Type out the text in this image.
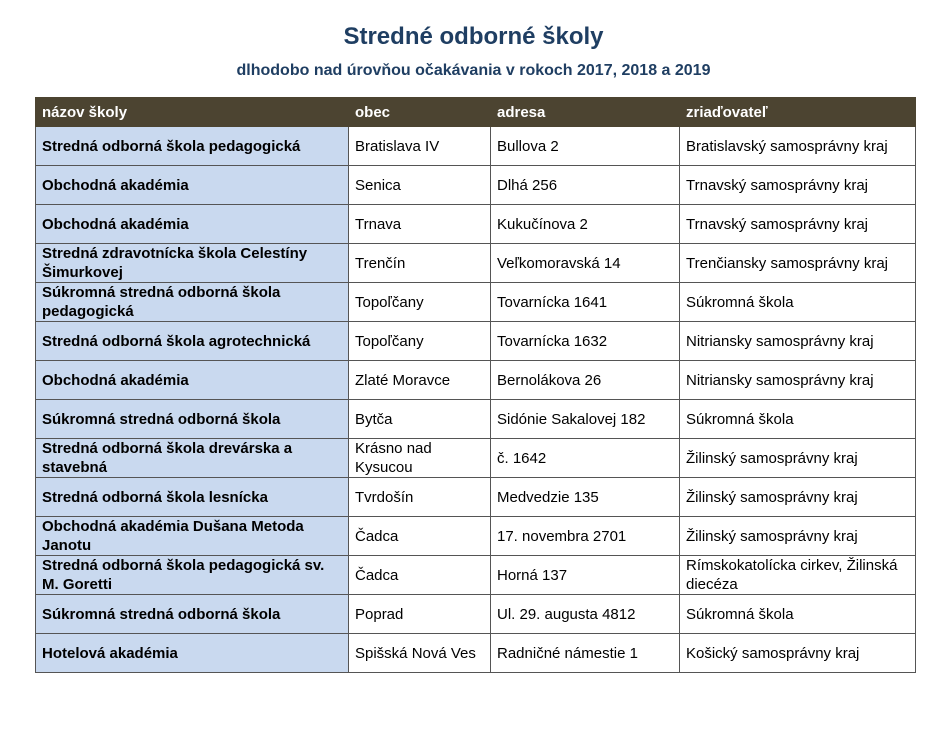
Stredné odborné školy
dlhodobo nad úrovňou očakávania v rokoch 2017, 2018 a 2019
názov školy	obec	adresa	zriaďovateľ
Stredná odborná škola pedagogická	Bratislava IV	Bullova 2	Bratislavský samosprávny kraj
Obchodná akadémia	Senica	Dlhá 256	Trnavský samosprávny kraj
Obchodná akadémia	Trnava	Kukučínova 2	Trnavský samosprávny kraj
Stredná zdravotnícka škola Celestíny Šimurkovej	Trenčín	Veľkomoravská 14	Trenčiansky samosprávny kraj
Súkromná stredná odborná škola pedagogická	Topoľčany	Tovarnícka 1641	Súkromná škola
Stredná odborná škola agrotechnická	Topoľčany	Tovarnícka 1632	Nitriansky samosprávny kraj
Obchodná akadémia	Zlaté Moravce	Bernolákova 26	Nitriansky samosprávny kraj
Súkromná stredná odborná škola	Bytča	Sidónie Sakalovej 182	Súkromná škola
Stredná odborná škola drevárska a stavebná	Krásno nad Kysucou	č. 1642	Žilinský samosprávny kraj
Stredná odborná škola lesnícka	Tvrdošín	Medvedzie 135	Žilinský samosprávny kraj
Obchodná akadémia Dušana Metoda Janotu	Čadca	17. novembra 2701	Žilinský samosprávny kraj
Stredná odborná škola pedagogická sv. M. Goretti	Čadca	Horná 137	Rímskokatolícka cirkev, Žilinská diecéza
Súkromná stredná odborná škola	Poprad	Ul. 29. augusta 4812	Súkromná škola
Hotelová akadémia	Spišská Nová Ves	Radničné námestie 1	Košický samosprávny kraj
